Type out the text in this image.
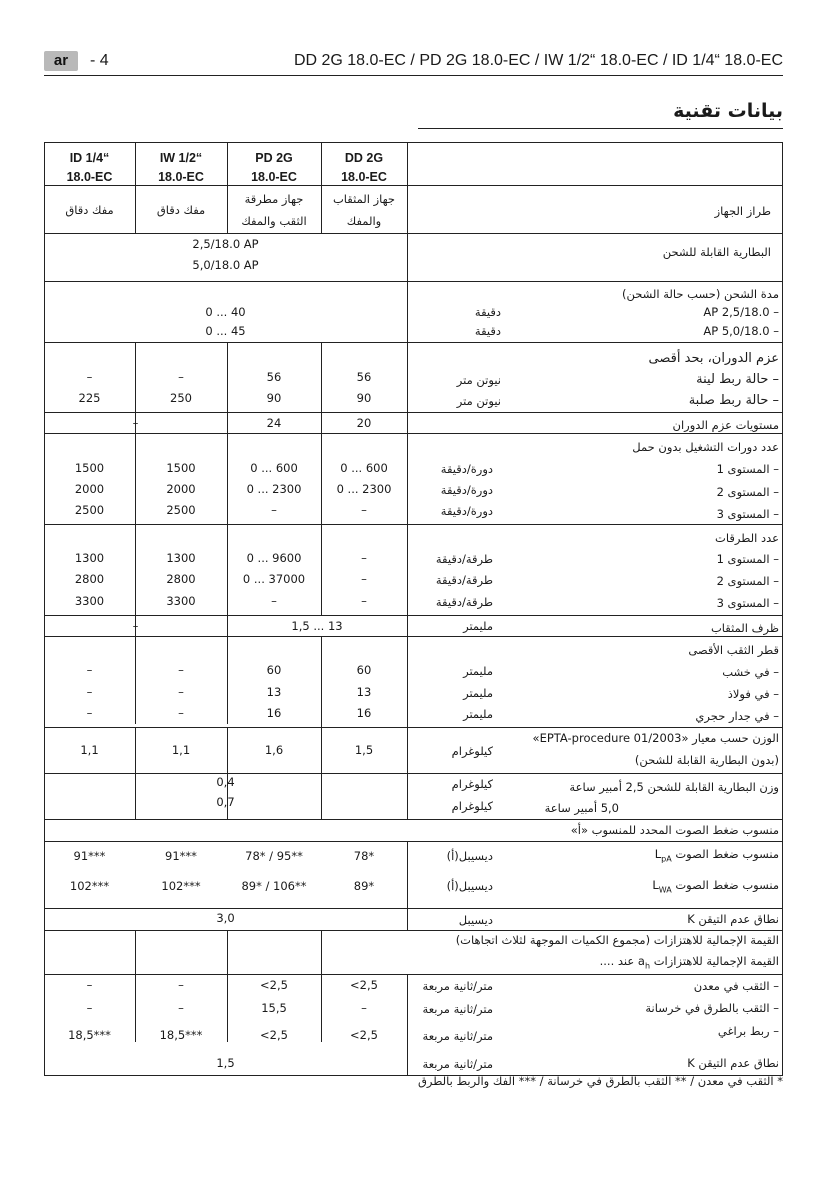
ar	- 4	DD 2G 18.0-EC / PD 2G 18.0-EC / IW 1/2“ 18.0-EC / ID 1/4“ 18.0-EC
بيانات تقنية
DD 2G
18.0-EC
PD 2G
18.0-EC
IW 1/2“
18.0-EC
ID 1/4“
18.0-EC
طراز الجهاز
جهاز المثقاب
والمفك
جهاز مطرقة
الثقب والمفك
مفك دقاق
مفك دقاق
البطارية القابلة للشحن
2,5/18.0 AP
5,0/18.0 AP
مدة الشحن (حسب حالة الشحن)
– AP 2,5/18.0
– AP 5,0/18.0
دقيقة
دقيقة
0 ... 40
0 ... 45
عزم الدوران، بحد أقصى
– حالة ربط لينة
– حالة ربط صلبة
نيوتن متر
نيوتن متر
56
90
56
90
–
250
–
225
مستويات عزم الدوران
20
24
–
عدد دورات التشغيل بدون حمل
– المستوى 1
– المستوى 2
– المستوى 3
دورة/دقيقة
دورة/دقيقة
دورة/دقيقة
0 ... 600
0 ... 2300
–
0 ... 600
0 ... 2300
–
1500
2000
2500
1500
2000
2500
عدد الطرقات
– المستوى 1
– المستوى 2
– المستوى 3
طرقة/دقيقة
طرقة/دقيقة
طرقة/دقيقة
–
–
–
0 ... 9600
0 ... 37000
–
1300
2800
3300
1300
2800
3300
ظرف المثقاب
مليمتر
1,5 ... 13
–
قطر الثقب الأقصى
– في خشب
– في فولاذ
– في جدار حجري
مليمتر
مليمتر
مليمتر
60
13
16
60
13
16
–
–
–
–
–
–
الوزن حسب معيار «EPTA-procedure 01/2003»
(بدون البطارية القابلة للشحن)
كيلوغرام
1,5
1,6
1,1
1,1
وزن البطارية القابلة للشحن 2,5 أمبير ساعة
5,0 أمبير ساعة
كيلوغرام
كيلوغرام
0,4
0,7
منسوب ضغط الصوت المحدد للمنسوب «أ»
منسوب ضغط الصوت $L_{pA}$
ديسيبل(أ)
78*
78* / 95**
91***
91***
منسوب ضغط الصوت $L_{WA}$
ديسيبل(أ)
89*
89* / 106**
102***
102***
نطاق عدم التيقن K
ديسيبل
3,0
القيمة الإجمالية للاهتزازات (مجموع الكميات الموجهة لثلاث اتجاهات)
القيمة الإجمالية للاهتزازات $a_h$ عند ....
– الثقب في معدن
متر/ثانية مربعة
<2,5
<2,5
–
–
– الثقب بالطرق في خرسانة
متر/ثانية مربعة
–
15,5
–
–
– ربط براغي
متر/ثانية مربعة
<2,5
<2,5
18,5***
18,5***
نطاق عدم التيقن K
متر/ثانية مربعة
1,5
* الثقب في معدن / ** الثقب بالطرق في خرسانة / *** الفك والربط بالطرق
